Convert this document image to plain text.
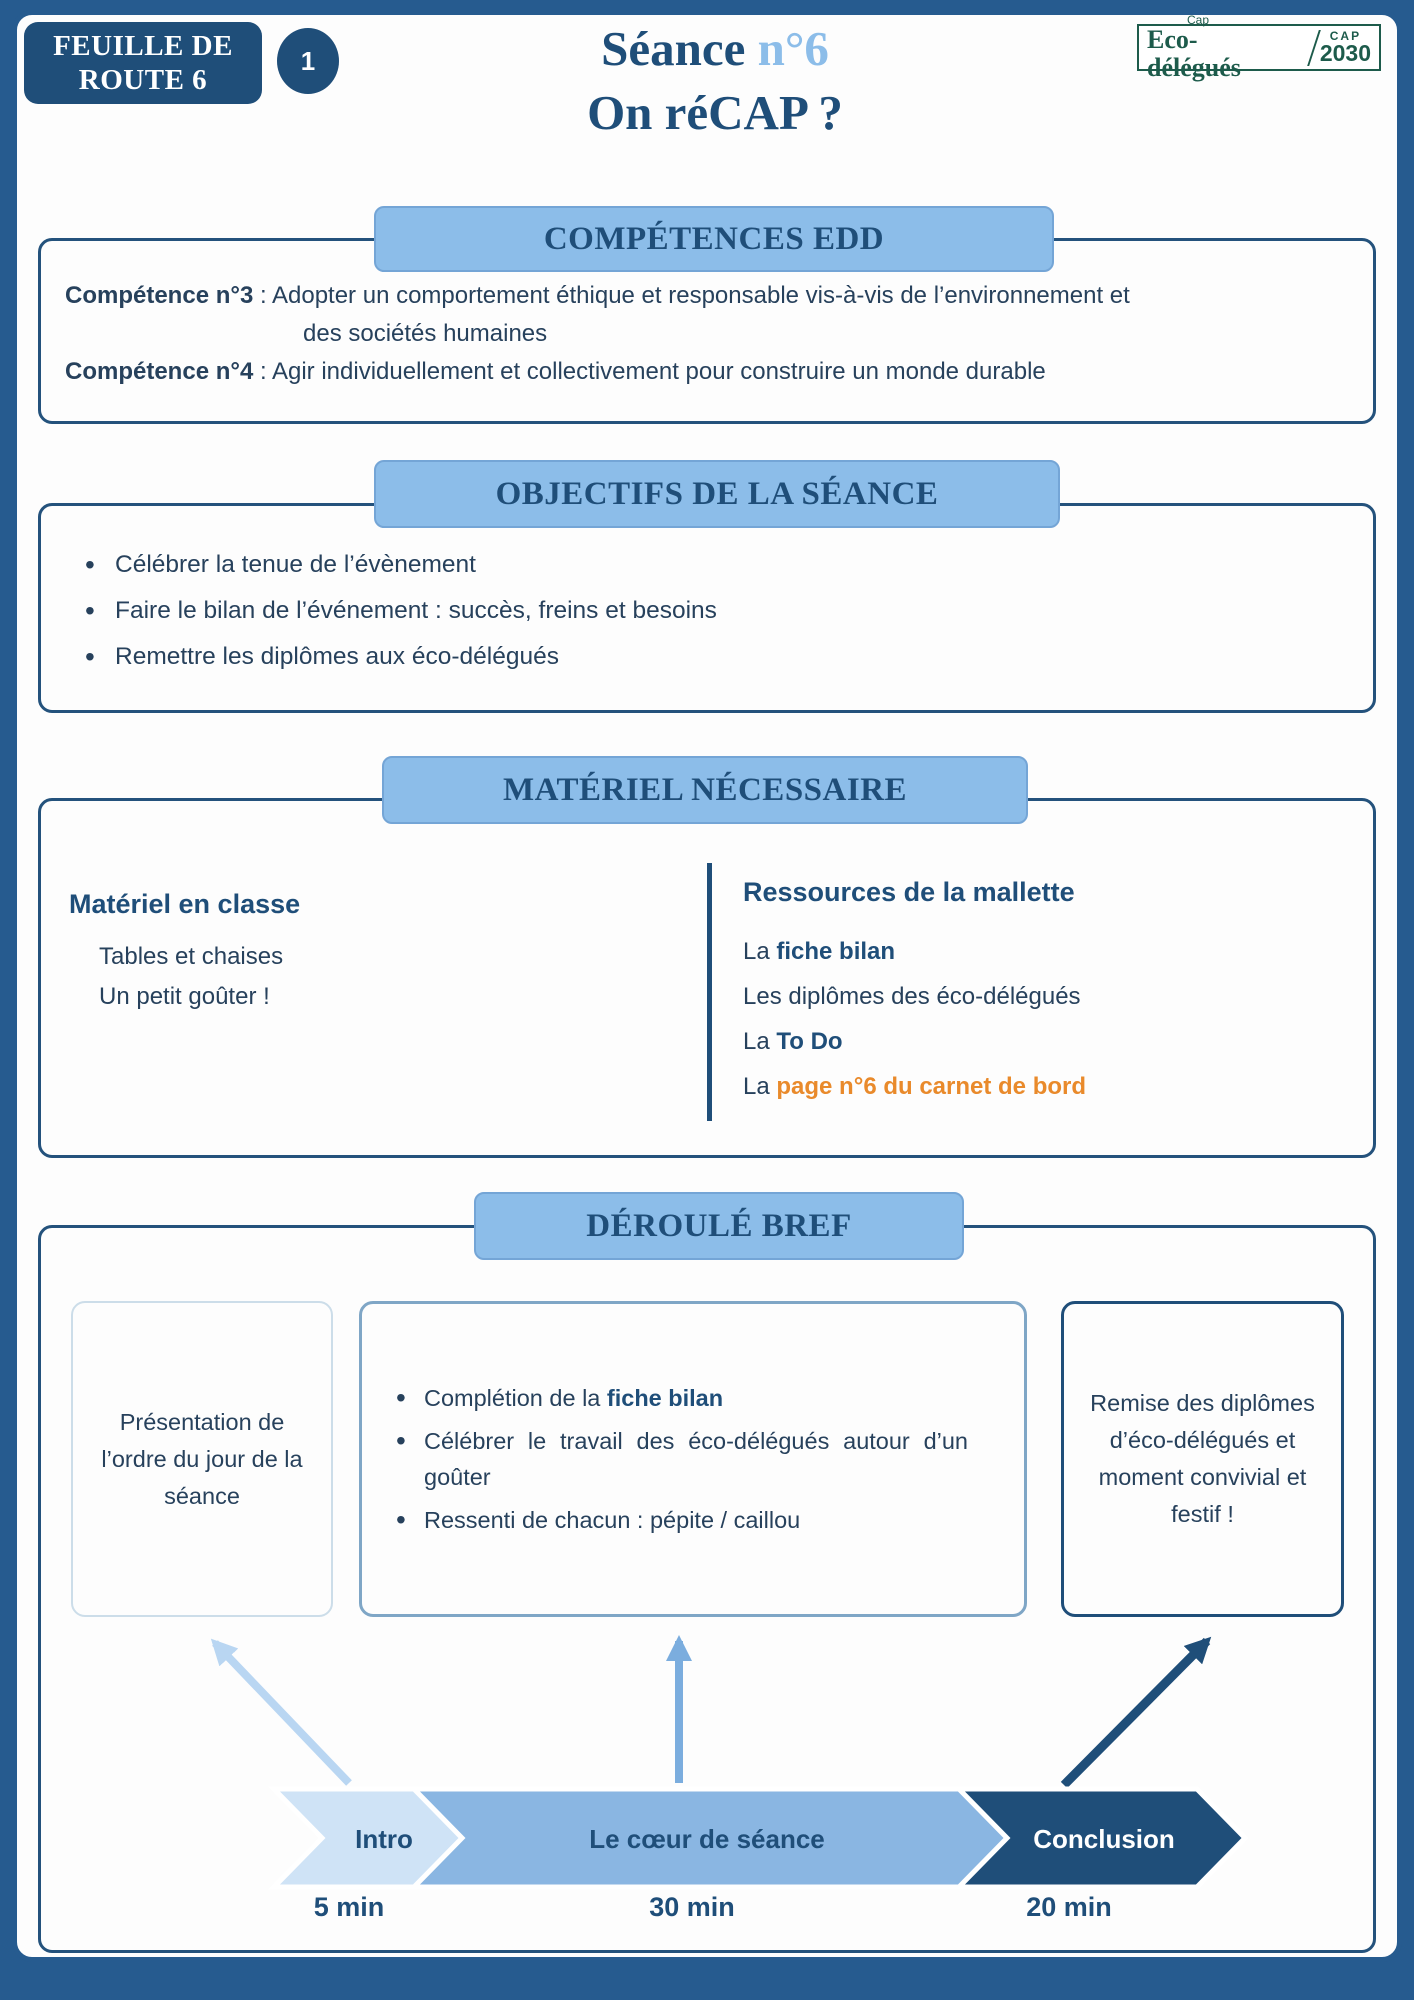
FEUILLE DE
ROUTE 6
1	Séance n°6
On réCAP ?
Cap
Eco-délégués
CAP
2030
Compétence n°3 : Adopter un comportement éthique et responsable vis-à-vis de l’environnement et
des sociétés humaines
Compétence n°4 : Agir individuellement et collectivement pour construire un monde durable
COMPÉTENCES EDD
• Célébrer la tenue de l’évènement
• Faire le bilan de l’événement : succès, freins et besoins
• Remettre les diplômes aux éco-délégués
OBJECTIFS DE LA SÉANCE
Matériel en classe
Tables et chaises
Un petit goûter !
Ressources de la mallette
La fiche bilan
Les diplômes des éco-délégués
La To Do
La page n°6 du carnet de bord
MATÉRIEL NÉCESSAIRE
Présentation de l’ordre du jour de la séance
• Complétion de la fiche bilan
• Célébrer le travail des éco-délégués autour d’un goûter
• Ressenti de chacun : pépite / caillou
Remise des diplômes d’éco-délégués et moment convivial et festif !
Intro	Le cœur de séance	Conclusion
5 min	30 min	20 min
DÉROULÉ BREF
